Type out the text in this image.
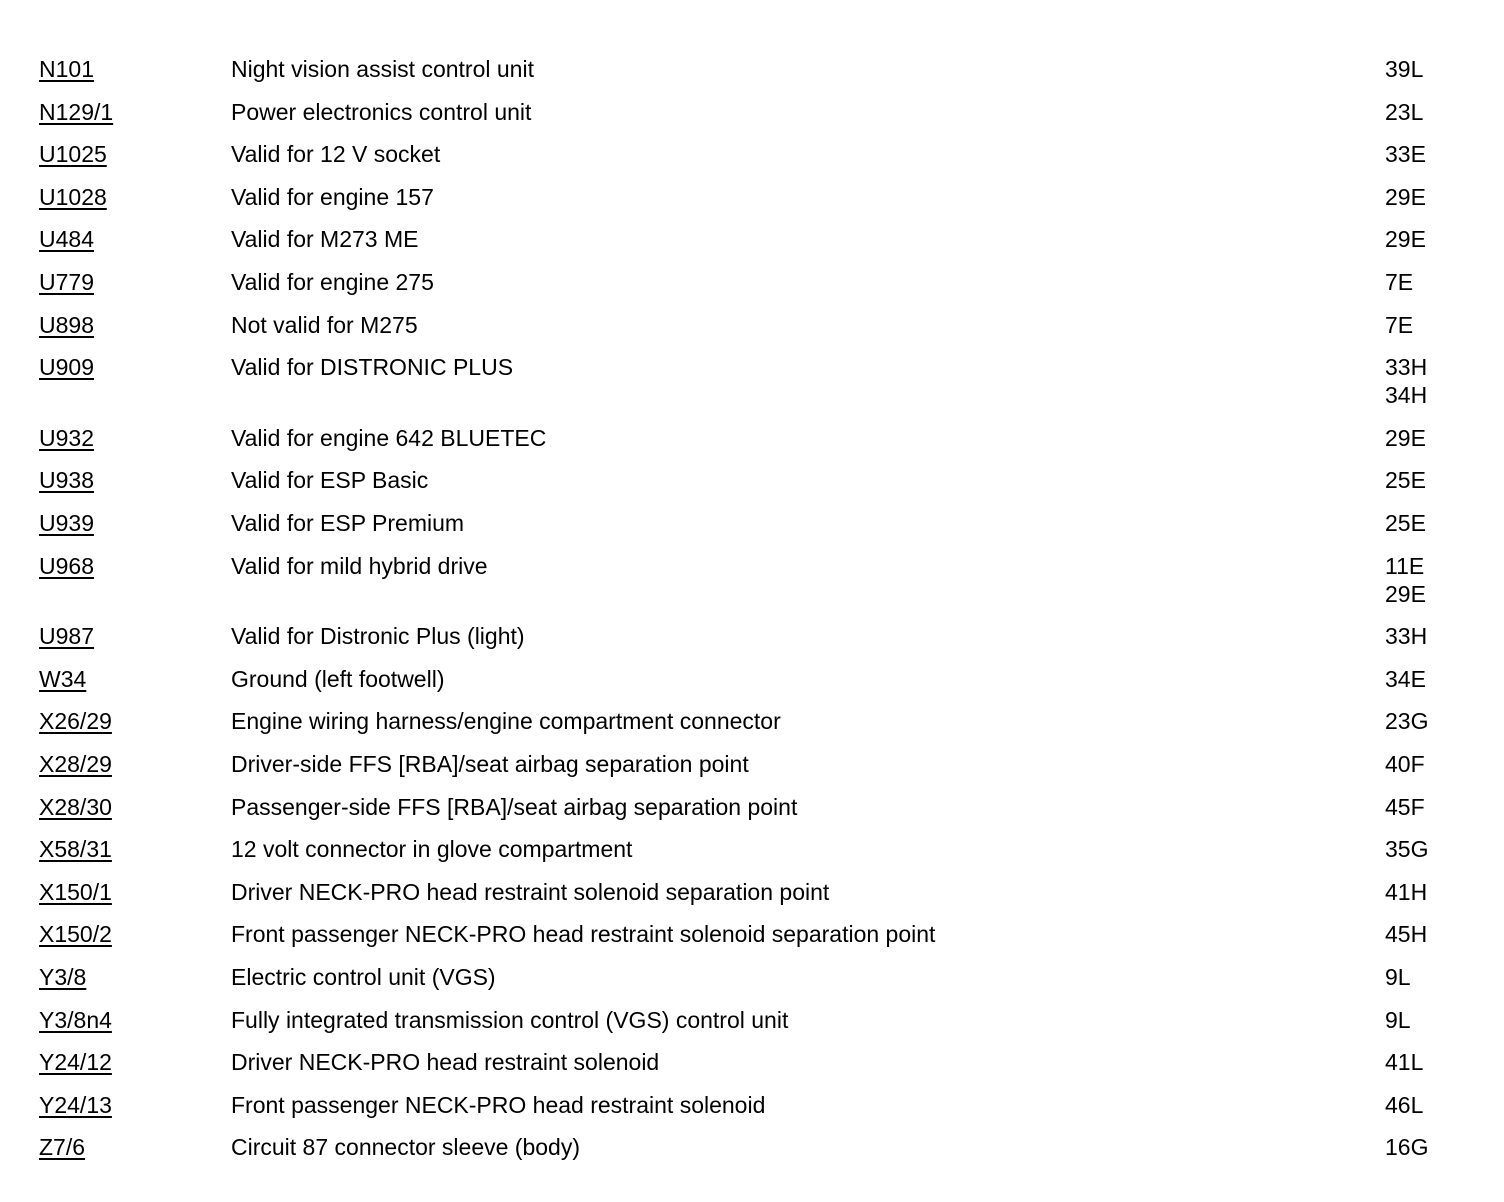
N101	Night vision assist control unit	39L
N129/1	Power electronics control unit	23L
U1025	Valid for 12 V socket	33E
U1028	Valid for engine 157	29E
U484	Valid for M273 ME	29E
U779	Valid for engine 275	7E
U898	Not valid for M275	7E
U909	Valid for DISTRONIC PLUS	33H
34H
U932	Valid for engine 642 BLUETEC	29E
U938	Valid for ESP Basic	25E
U939	Valid for ESP Premium	25E
U968	Valid for mild hybrid drive	11E
29E
U987	Valid for Distronic Plus (light)	33H
W34	Ground (left footwell)	34E
X26/29	Engine wiring harness/engine compartment connector	23G
X28/29	Driver-side FFS [RBA]/seat airbag separation point	40F
X28/30	Passenger-side FFS [RBA]/seat airbag separation point	45F
X58/31	12 volt connector in glove compartment	35G
X150/1	Driver NECK-PRO head restraint solenoid separation point	41H
X150/2	Front passenger NECK-PRO head restraint solenoid separation point	45H
Y3/8	Electric control unit (VGS)	9L
Y3/8n4	Fully integrated transmission control (VGS) control unit	9L
Y24/12	Driver NECK-PRO head restraint solenoid	41L
Y24/13	Front passenger NECK-PRO head restraint solenoid	46L
Z7/6	Circuit 87 connector sleeve (body)	16G
